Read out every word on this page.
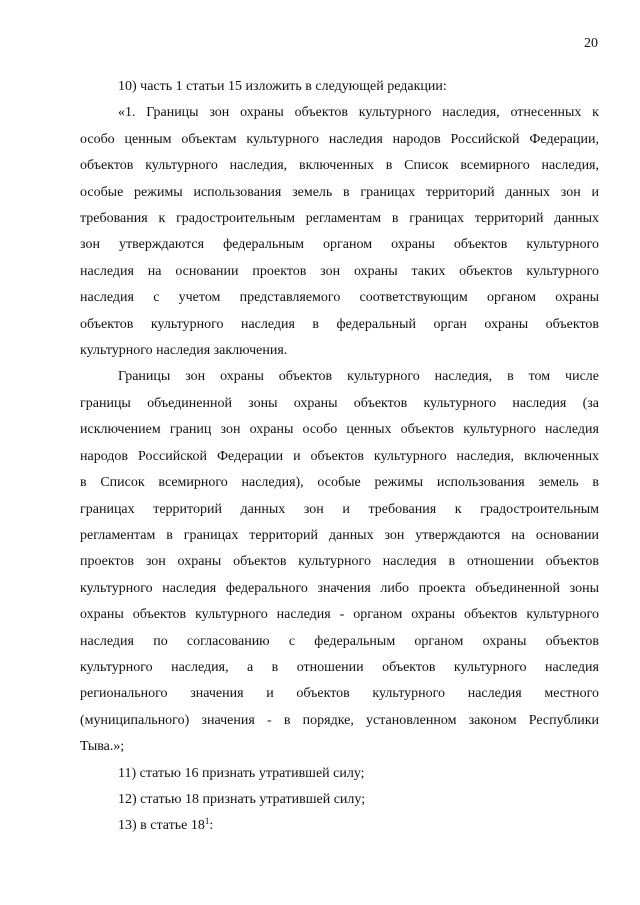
20
10) часть 1 статьи 15 изложить в следующей редакции:
«1. Границы зон охраны объектов культурного наследия, отнесенных к
особо ценным объектам культурного наследия народов Российской Федерации,
объектов культурного наследия, включенных в Список всемирного наследия,
особые режимы использования земель в границах территорий данных зон и
требования к градостроительным регламентам в границах территорий данных
зон утверждаются федеральным органом охраны объектов культурного
наследия на основании проектов зон охраны таких объектов культурного
наследия с учетом представляемого соответствующим органом охраны
объектов культурного наследия в федеральный орган охраны объектов
культурного наследия заключения.
Границы зон охраны объектов культурного наследия, в том числе
границы объединенной зоны охраны объектов культурного наследия (за
исключением границ зон охраны особо ценных объектов культурного наследия
народов Российской Федерации и объектов культурного наследия, включенных
в Список всемирного наследия), особые режимы использования земель в
границах территорий данных зон и требования к градостроительным
регламентам в границах территорий данных зон утверждаются на основании
проектов зон охраны объектов культурного наследия в отношении объектов
культурного наследия федерального значения либо проекта объединенной зоны
охраны объектов культурного наследия - органом охраны объектов культурного
наследия по согласованию с федеральным органом охраны объектов
культурного наследия, а в отношении объектов культурного наследия
регионального значения и объектов культурного наследия местного
(муниципального) значения - в порядке, установленном законом Республики
Тыва.»;
11) статью 16 признать утратившей силу;
12) статью 18 признать утратившей силу;
13) в статье $18^1$:
